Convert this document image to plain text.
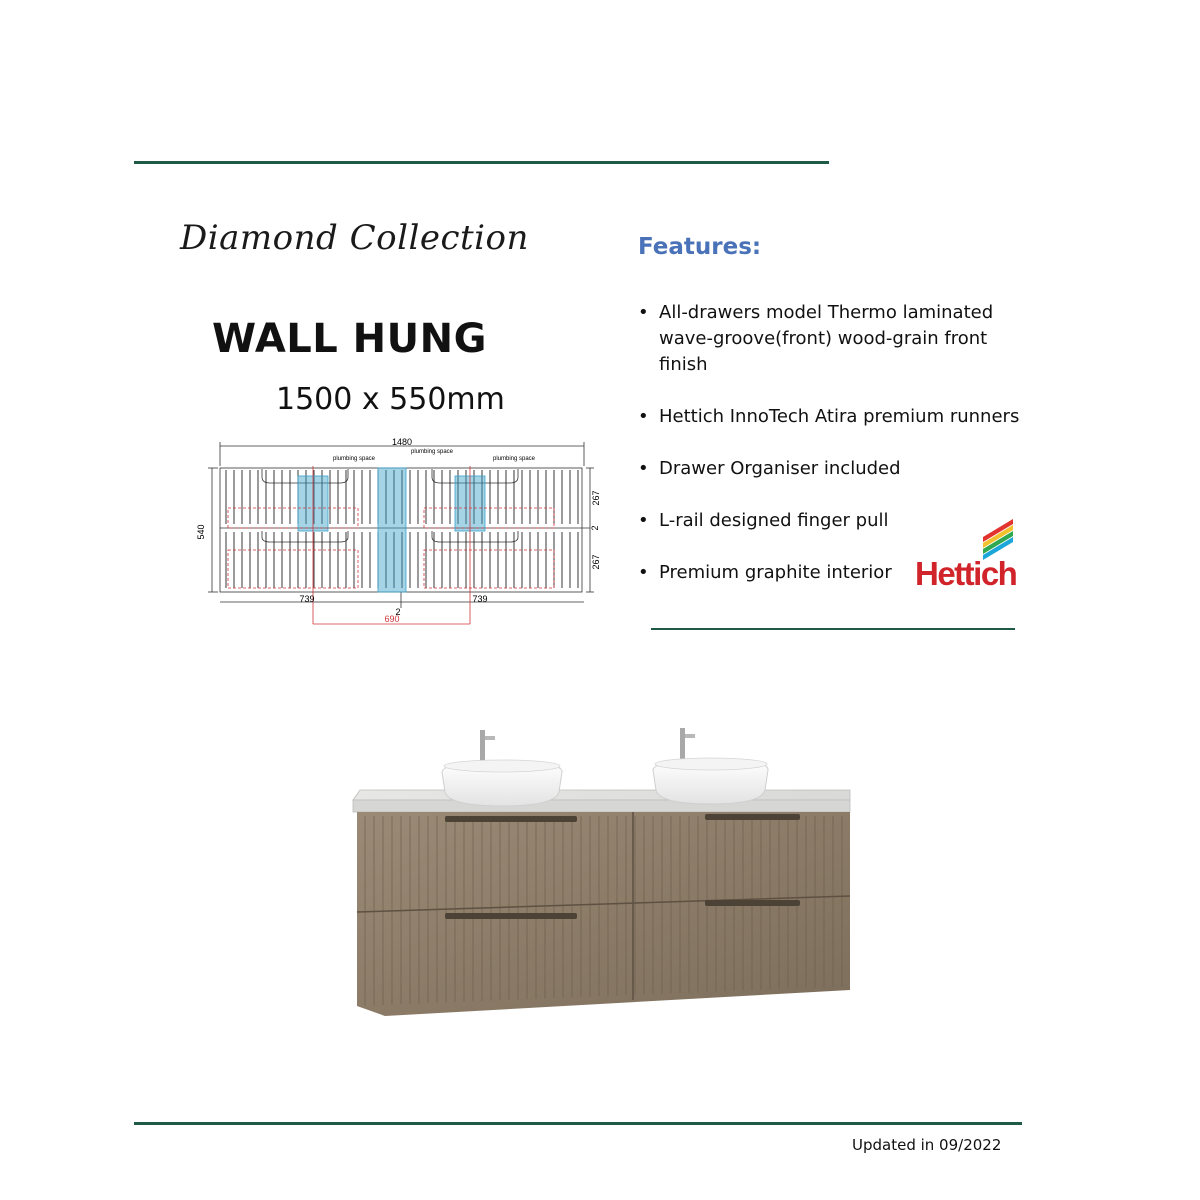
Diamond Collection
WALL HUNG
1500 x 550mm
Features:
• All-drawers model Thermo laminated wave-groove(front) wood-grain front finish
• Hettich InnoTech Atira premium runners
• Drawer Organiser included
• L-rail designed finger pull
• Premium graphite interior Hettich
1480
540
267
267
2
739	739
2
690
plumbing space
plumbing space
plumbing space
Updated in 09/2022
